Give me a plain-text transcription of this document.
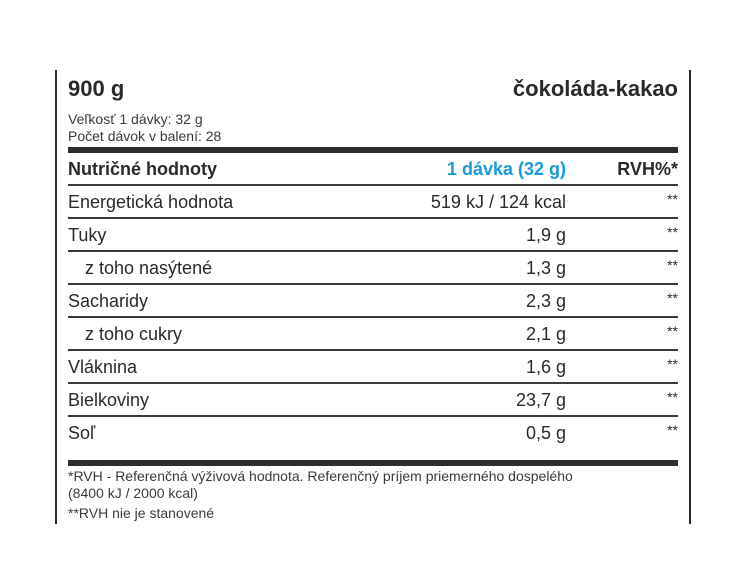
900 g	čokoláda-kakao
Veľkosť 1 dávky: 32 g
Počet dávok v balení: 28
Nutričné hodnoty	1 dávka (32 g)	RVH%*
Energetická hodnota	519 kJ / 124 kcal	**
Tuky	1,9 g	**
z toho nasýtené	1,3 g	**
Sacharidy	2,3 g	**
z toho cukry	2,1 g	**
Vláknina	1,6 g	**
Bielkoviny	23,7 g	**
Soľ	0,5 g	**
*RVH - Referenčná výživová hodnota. Referenčný príjem priemerného dospelého
(8400 kJ / 2000 kcal)
**RVH nie je stanovené
